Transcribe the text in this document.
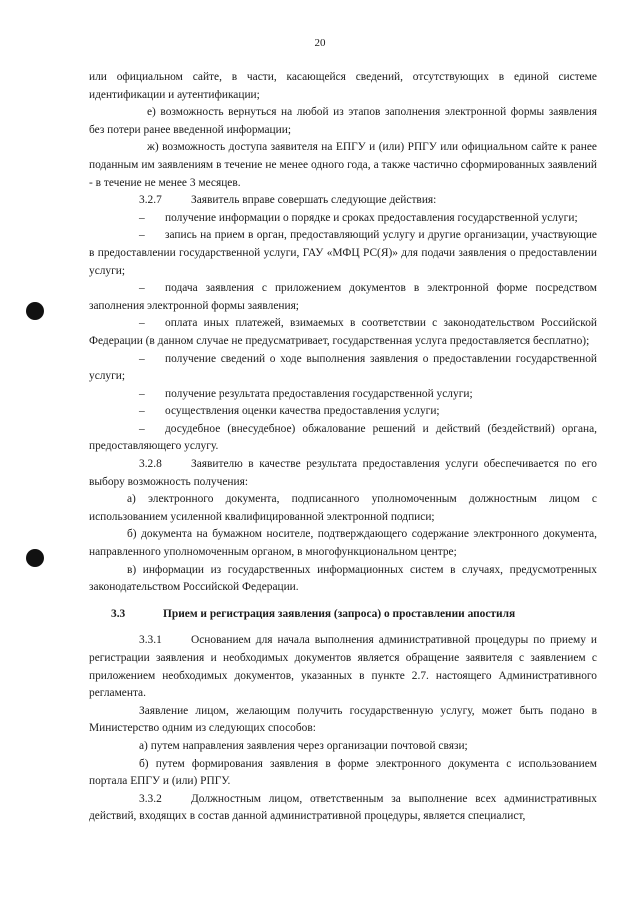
20

или официальном сайте, в части, касающейся сведений, отсутствующих в единой системе идентификации и аутентификации;

е) возможность вернуться на любой из этапов заполнения электронной формы заявления без потери ранее введенной информации;

ж) возможность доступа заявителя на ЕПГУ и (или) РПГУ или официальном сайте к ранее поданным им заявлениям в течение не менее одного года, а также частично сформированных заявлений - в течение не менее 3 месяцев.

3.2.7	Заявитель вправе совершать следующие действия:

– получение информации о порядке и сроках предоставления государственной услуги;

– запись на прием в орган, предоставляющий услугу и другие организации, участвующие в предоставлении государственной услуги, ГАУ «МФЦ РС(Я)» для подачи заявления о предоставлении услуги;

– подача заявления с приложением документов в электронной форме посредством заполнения электронной формы заявления;

– оплата иных платежей, взимаемых в соответствии с законодательством Российской Федерации (в данном случае не предусматривает, государственная услуга предоставляется бесплатно);

– получение сведений о ходе выполнения заявления о предоставлении государственной услуги;

– получение результата предоставления государственной услуги;

– осуществления оценки качества предоставления услуги;

– досудебное (внесудебное) обжалование решений и действий (бездействий) органа, предоставляющего услугу.

3.2.8	Заявителю в качестве результата предоставления услуги обеспечивается по его выбору возможность получения:

а) электронного документа, подписанного уполномоченным должностным лицом с использованием усиленной квалифицированной электронной подписи;

б) документа на бумажном носителе, подтверждающего содержание электронного документа, направленного уполномоченным органом, в многофункциональном центре;

в) информации из государственных информационных систем в случаях, предусмотренных законодательством Российской Федерации.

3.3	Прием и регистрация заявления (запроса) о проставлении апостиля

3.3.1	Основанием для начала выполнения административной процедуры по приему и регистрации заявления и необходимых документов является обращение заявителя с заявлением с приложением необходимых документов, указанных в пункте 2.7. настоящего Административного регламента.

Заявление лицом, желающим получить государственную услугу, может быть подано в Министерство одним из следующих способов:

а) путем направления заявления через организации почтовой связи;

б) путем формирования заявления в форме электронного документа с использованием портала ЕПГУ и (или) РПГУ.

3.3.2	Должностным лицом, ответственным за выполнение всех административных действий, входящих в состав данной административной процедуры, является специалист,
